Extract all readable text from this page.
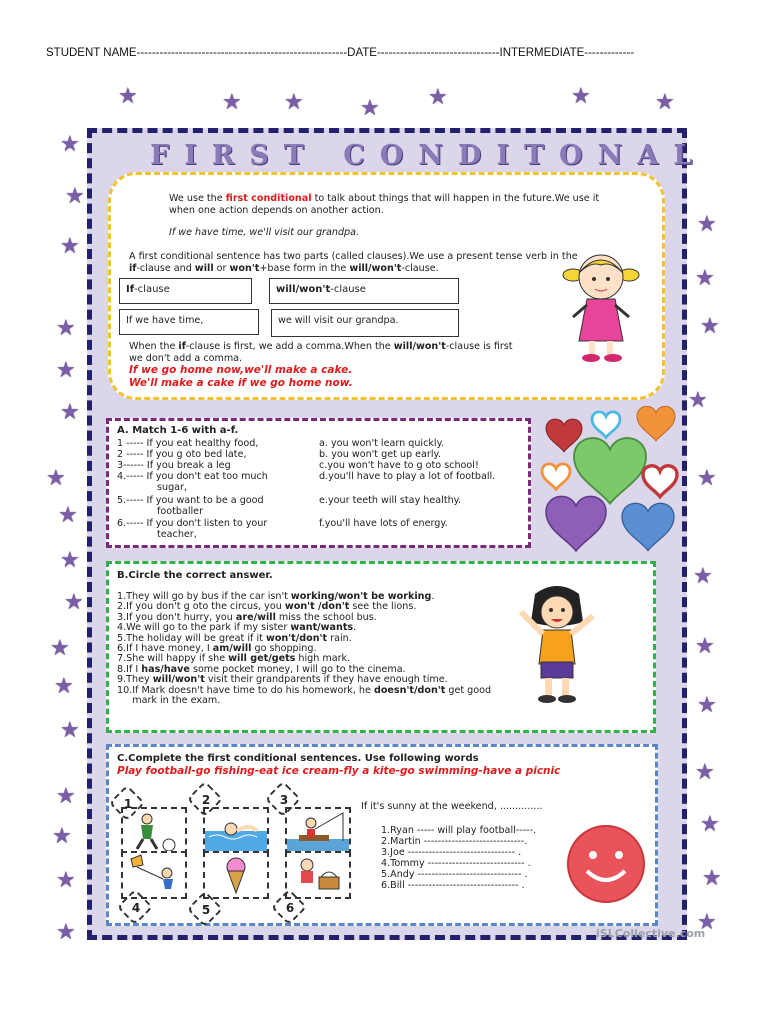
STUDENT NAME-------------------------------------------------------DATE--------------------------------INTERMEDIATE-------------
★	★ ★	★ ★	★	★
★
★
★
★
★
★
★
★
★
★
★
★
★
★
★
★
★
★
★
★
★
★
★
★
★
★
★
★
★
FIRST CONDITONAL
We use the first conditional to talk about things that will happen in the future.We use it
when one action depends on another action.
If we have time, we'll visit our grandpa.
A first conditional sentence has two parts (called clauses).We use a present tense verb in the
if-clause and will or won't+base form in the will/won't-clause.
If-clause	will/won't-clause
If we have time,	we will visit our grandpa.
When the if-clause is first, we add a comma.When the will/won't-clause is first
we don't add a comma.
If we go home now,we'll make a cake.
We'll make a cake if we go home now.
A. Match 1-6 with a-f.
1 ----- If you eat healthy food,
2 ----- If you g oto bed late,
3------ If you break a leg
4.----- If you don't eat too much
sugar,
5.----- If you want to be a good
footballer
6.----- If you don't listen to your
teacher,
a. you won't learn quickly.
b. you won't get up early.
c.you won't have to g oto school!
d.you'll have to play a lot of football.
e.your teeth will stay healthy.
f.you'll have lots of energy.
B.Circle the correct answer.
1.They will go by bus if the car isn't working/won't be working.
2.If you don't g oto the circus, you won't /don't see the lions.
3.If you don't hurry, you are/will miss the school bus.
4.We will go to the park if my sister want/wants.
5.The holiday will be great if it won't/don't rain.
6.If I have money, I am/will go shopping.
7.She will happy if she will get/gets high mark.
8.If I has/have some pocket money, I will go to the cinema.
9.They will/won't visit their grandparents if they have enough time.
10.If Mark doesn't have time to do his homework, he doesn't/don't get good
mark in the exam.
C.Complete the first conditional sentences. Use following words
Play football-go fishing-eat ice cream-fly a kite-go swimming-have a picnic
1	2	3
4	5	6
If it's sunny at the weekend, ..............
1.Ryan ----- will play football-----.
2.Martin -----------------------------.
3.Joe ------------------------------- .
4.Tommy ---------------------------- .
5.Andy ------------------------------ .
6.Bill -------------------------------- .
iSLCollective.com
